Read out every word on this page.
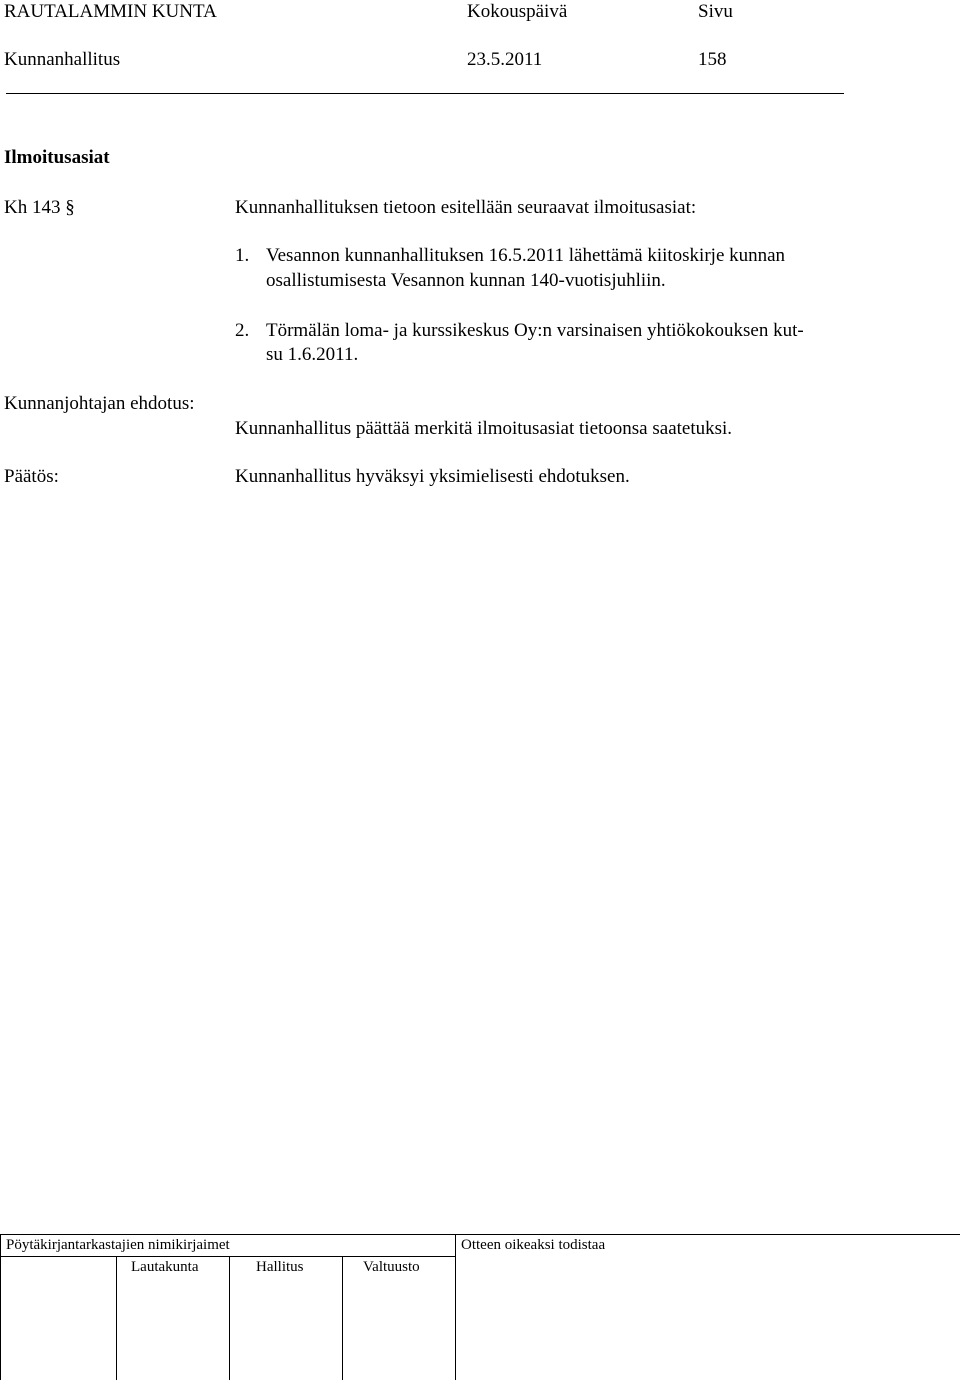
RAUTALAMMIN KUNTA	Kokouspäivä	Sivu
Kunnanhallitus	23.5.2011	158
Ilmoitusasiat
Kh 143 §	Kunnanhallituksen tietoon esitellään seuraavat ilmoitusasiat:
1. Vesannon kunnanhallituksen 16.5.2011 lähettämä kiitoskirje kunnan
osallistumisesta Vesannon kunnan 140-vuotisjuhliin.
2. Törmälän loma- ja kurssikeskus Oy:n varsinaisen yhtiökokouksen kut-
su 1.6.2011.
Kunnanjohtajan ehdotus:
Kunnanhallitus päättää merkitä ilmoitusasiat tietoonsa saatetuksi.
Päätös:	Kunnanhallitus hyväksyi yksimielisesti ehdotuksen.
Pöytäkirjantarkastajien nimikirjaimet	Otteen oikeaksi todistaa
Lautakunta	Hallitus	Valtuusto
